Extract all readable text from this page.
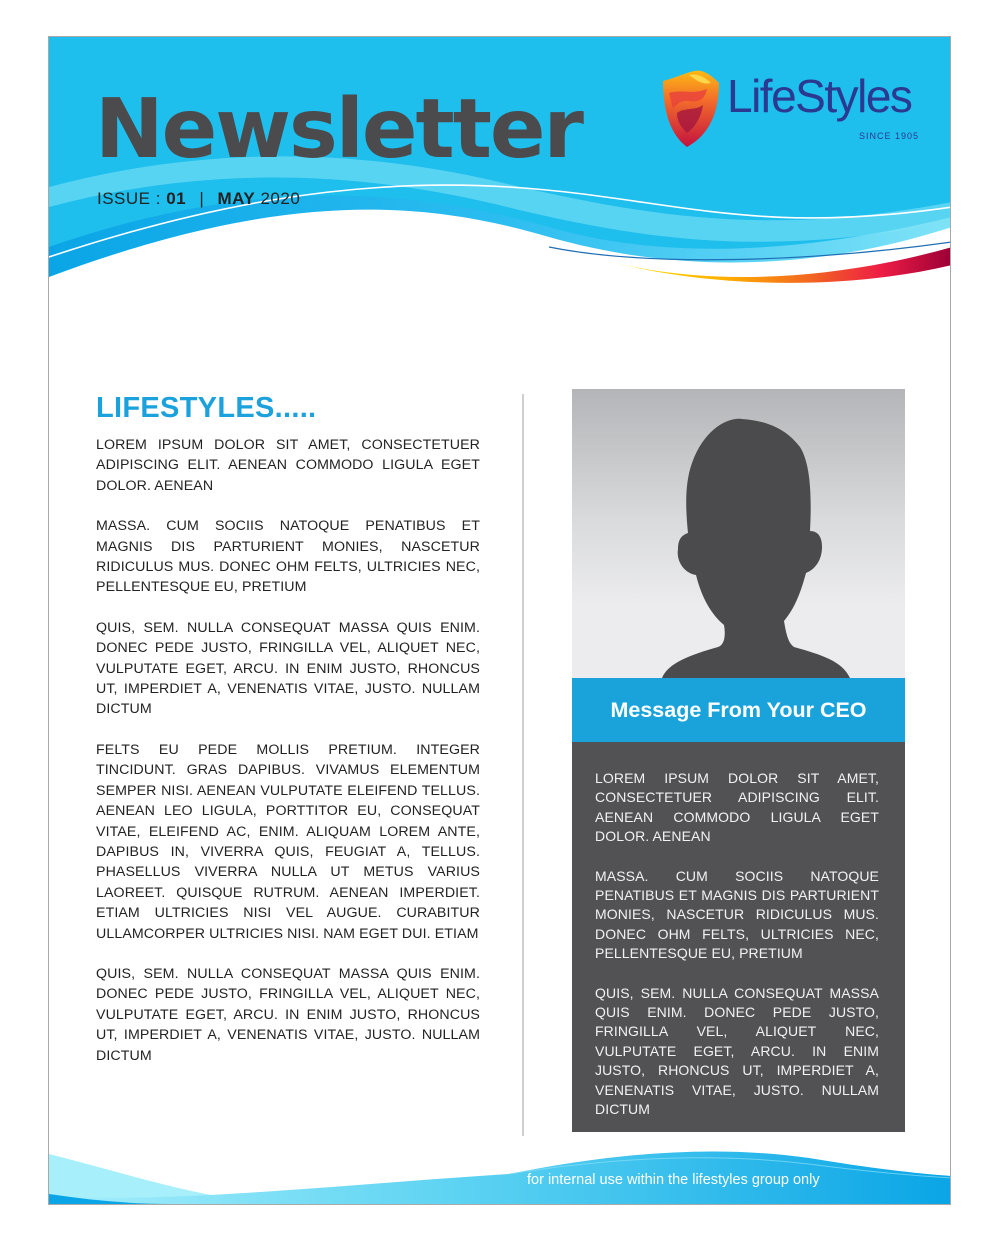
Newsletter
ISSUE : 01 | MAY 2020
LifeStyles
SINCE 1905
LIFESTYLES.....

LOREM IPSUM DOLOR SIT AMET, CONSECTETUER ADIPISCING ELIT. AENEAN COMMODO LIGULA EGET DOLOR. AENEAN

MASSA. CUM SOCIIS NATOQUE PENATIBUS ET MAGNIS DIS PARTURIENT MONIES, NASCETUR RIDICULUS MUS. DONEC OHM FELTS, ULTRICIES NEC, PELLENTESQUE EU, PRETIUM

QUIS, SEM. NULLA CONSEQUAT MASSA QUIS ENIM. DONEC PEDE JUSTO, FRINGILLA VEL, ALIQUET NEC, VULPUTATE EGET, ARCU. IN ENIM JUSTO, RHONCUS UT, IMPERDIET A, VENENATIS VITAE, JUSTO. NULLAM DICTUM

FELTS EU PEDE MOLLIS PRETIUM. INTEGER TINCIDUNT. GRAS DAPIBUS. VIVAMUS ELEMENTUM SEMPER NISI. AENEAN VULPUTATE ELEIFEND TELLUS. AENEAN LEO LIGULA, PORTTITOR EU, CONSEQUAT VITAE, ELEIFEND AC, ENIM. ALIQUAM LOREM ANTE, DAPIBUS IN, VIVERRA QUIS, FEUGIAT A, TELLUS. PHASELLUS VIVERRA NULLA UT METUS VARIUS LAOREET. QUISQUE RUTRUM. AENEAN IMPERDIET. ETIAM ULTRICIES NISI VEL AUGUE. CURABITUR ULLAMCORPER ULTRICIES NISI. NAM EGET DUI. ETIAM

QUIS, SEM. NULLA CONSEQUAT MASSA QUIS ENIM. DONEC PEDE JUSTO, FRINGILLA VEL, ALIQUET NEC, VULPUTATE EGET, ARCU. IN ENIM JUSTO, RHONCUS UT, IMPERDIET A, VENENATIS VITAE, JUSTO. NULLAM DICTUM

Message From Your CEO

LOREM IPSUM DOLOR SIT AMET, CONSECTETUER ADIPISCING ELIT. AENEAN COMMODO LIGULA EGET DOLOR. AENEAN

MASSA. CUM SOCIIS NATOQUE PENATIBUS ET MAGNIS DIS PARTURIENT MONIES, NASCETUR RIDICULUS MUS. DONEC OHM FELTS, ULTRICIES NEC, PELLENTESQUE EU, PRETIUM

QUIS, SEM. NULLA CONSEQUAT MASSA QUIS ENIM. DONEC PEDE JUSTO, FRINGILLA VEL, ALIQUET NEC, VULPUTATE EGET, ARCU. IN ENIM JUSTO, RHONCUS UT, IMPERDIET A, VENENATIS VITAE, JUSTO. NULLAM DICTUM

for internal use within the lifestyles group only
